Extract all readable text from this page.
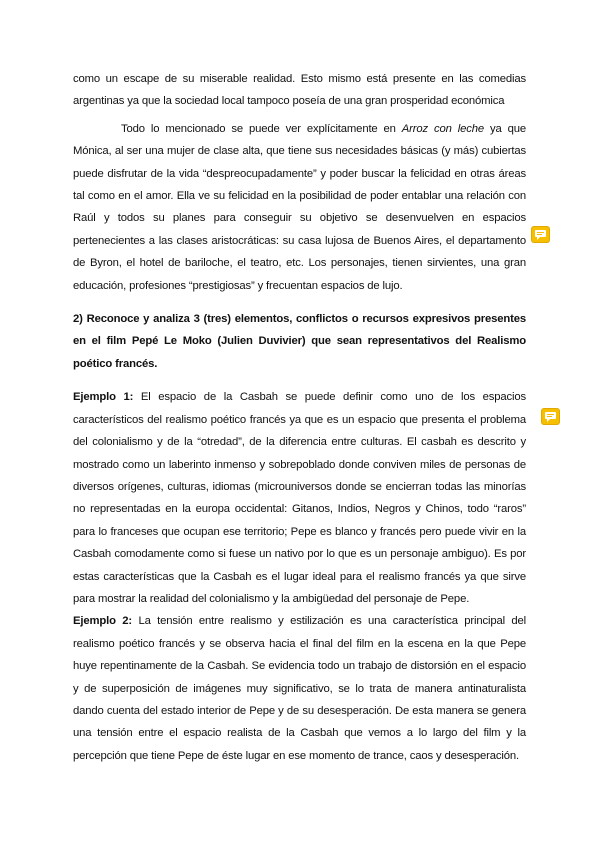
como un escape de su miserable realidad. Esto mismo está presente en las comedias argentinas ya que la sociedad local tampoco poseía de una gran prosperidad económica

Todo lo mencionado se puede ver explícitamente en Arroz con leche ya que Mónica, al ser una mujer de clase alta, que tiene sus necesidades básicas (y más) cubiertas puede disfrutar de la vida “despreocupadamente” y poder buscar la felicidad en otras áreas tal como en el amor. Ella ve su felicidad en la posibilidad de poder entablar una relación con Raúl y todos su planes para conseguir su objetivo se desenvuelven en espacios pertenecientes a las clases aristocráticas: su casa lujosa de Buenos Aires, el departamento de Byron, el hotel de bariloche, el teatro, etc. Los personajes, tienen sirvientes, una gran educación, profesiones “prestigiosas” y frecuentan espacios de lujo.

2) Reconoce y analiza 3 (tres) elementos, conflictos o recursos expresivos presentes en el film Pepé Le Moko (Julien Duvivier) que sean representativos del Realismo poético francés.

Ejemplo 1: El espacio de la Casbah se puede definir como uno de los espacios característicos del realismo poético francés ya que es un espacio que presenta el problema del colonialismo y de la “otredad”, de la diferencia entre culturas. El casbah es descrito y mostrado como un laberinto inmenso y sobrepoblado donde conviven miles de personas de diversos orígenes, culturas, idiomas (microuniversos donde se encierran todas las minorías no representadas en la europa occidental: Gitanos, Indios, Negros y Chinos, todo “raros” para lo franceses que ocupan ese territorio; Pepe es blanco y francés pero puede vivir en la Casbah comodamente como si fuese un nativo por lo que es un personaje ambiguo). Es por estas características que la Casbah es el lugar ideal para el realismo francés ya que sirve para mostrar la realidad del colonialismo y la ambigüedad del personaje de Pepe.

Ejemplo 2: La tensión entre realismo y estilización es una característica principal del realismo poético francés y se observa hacia el final del film en la escena en la que Pepe huye repentinamente de la Casbah. Se evidencia todo un trabajo de distorsión en el espacio y de superposición de imágenes muy significativo, se lo trata de manera antinaturalista dando cuenta del estado interior de Pepe y de su desesperación. De esta manera se genera una tensión entre el espacio realista de la Casbah que vemos a lo largo del film y la percepción que tiene Pepe de éste lugar en ese momento de trance, caos y desesperación.
